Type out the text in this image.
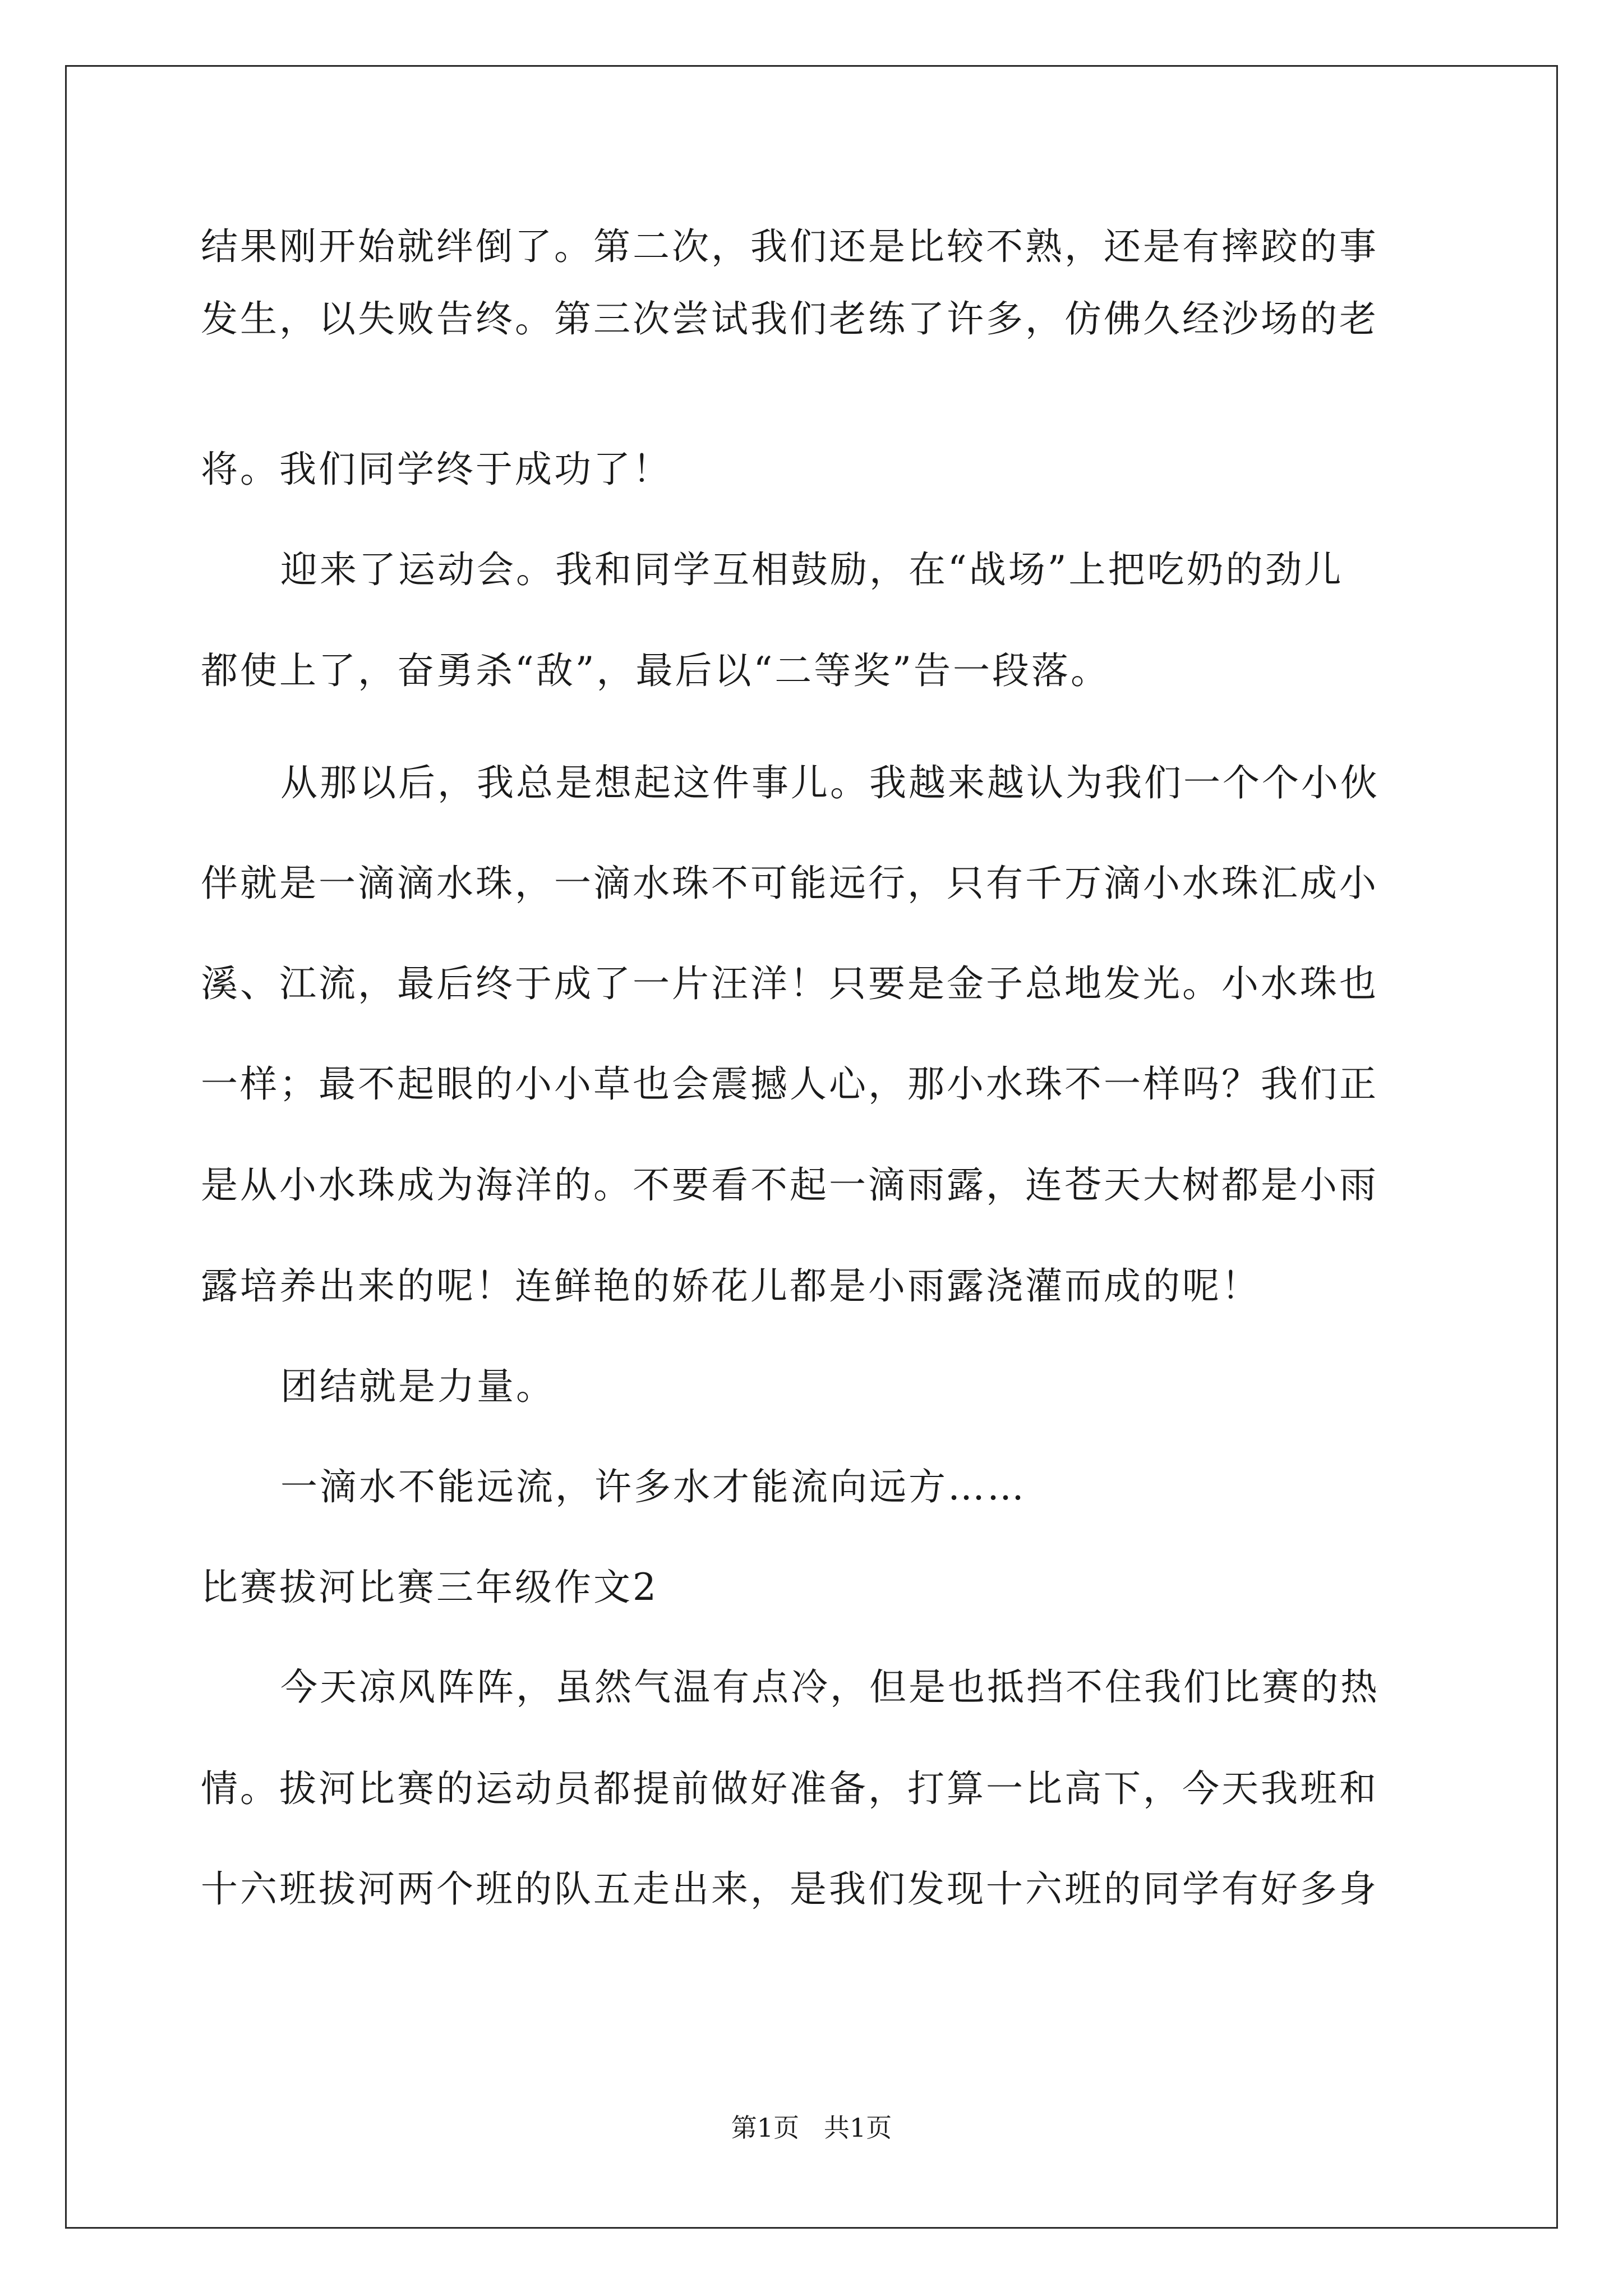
结果刚开始就绊倒了。第二次，我们还是比较不熟，还是有摔跤的事
发生，以失败告终。第三次尝试我们老练了许多，仿佛久经沙场的老
将。我们同学终于成功了！
迎来了运动会。我和同学互相鼓励，在“战场”上把吃奶的劲儿
都使上了，奋勇杀“敌”，最后以“二等奖”告一段落。
从那以后，我总是想起这件事儿。我越来越认为我们一个个小伙
伴就是一滴滴水珠，一滴水珠不可能远行，只有千万滴小水珠汇成小
溪、江流，最后终于成了一片汪洋！只要是金子总地发光。小水珠也
一样；最不起眼的小小草也会震撼人心，那小水珠不一样吗？我们正
是从小水珠成为海洋的。不要看不起一滴雨露，连苍天大树都是小雨
露培养出来的呢！连鲜艳的娇花儿都是小雨露浇灌而成的呢！
团结就是力量。
一滴水不能远流，许多水才能流向远方……
比赛拔河比赛三年级作文2
今天凉风阵阵，虽然气温有点冷，但是也抵挡不住我们比赛的热
情。拔河比赛的运动员都提前做好准备，打算一比高下，今天我班和
十六班拔河两个班的队五走出来，是我们发现十六班的同学有好多身
第1页   共1页
